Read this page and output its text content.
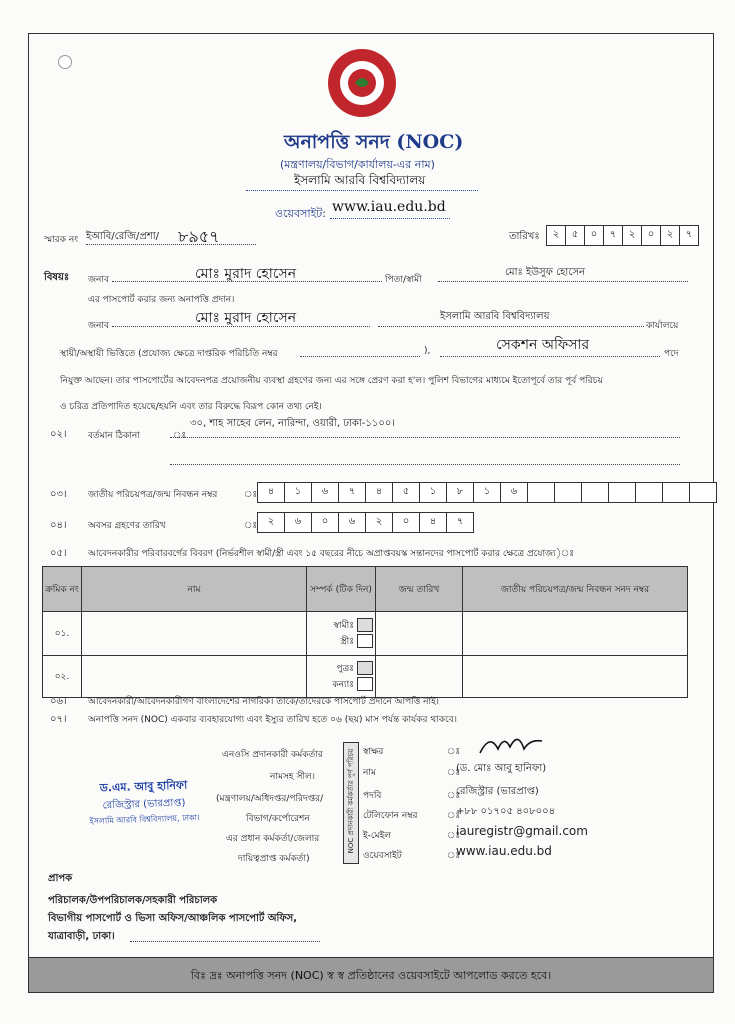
অনাপত্তি সনদ (NOC)
(মন্ত্রণালয়/বিভাগ/কার্যালয়-এর নাম)
ইসলামি আরবি বিশ্ববিদ্যালয়
ওয়েবসাইট: www.iau.edu.bd
স্মারক নং ইআবি/রেজি/প্রশা/ ৮৯৫৭	তারিখঃ	২	৫	০	৭	২	০	২	৭
বিষয়ঃ জনাব	মোঃ মুরাদ হোসেন	পিতা/স্বামী
মোঃ ইউসুফ হোসেন
এর পাসপোর্ট করার জন্য অনাপত্তি প্রদান।
জনাব	মোঃ মুরাদ হোসেন	ইসলামি আরবি বিশ্ববিদ্যালয়
কার্যালয়ে
স্থায়ী/অস্থায়ী ভিত্তিতে (প্রযোজ্য ক্ষেত্রে দাপ্তরিক পরিচিতি নম্বর	),	সেকশন অফিসার
পদে
নিযুক্ত আছেন। তার পাসপোর্টের আবেদনপত্র প্রয়োজনীয় ব্যবস্থা গ্রহণের জন্য এর সঙ্গে প্রেরণ করা হ'ল। পুলিশ বিভাগের মাধ্যমে ইতোপূর্বে তার পূর্ব পরিচয়
ও চরিত্র প্রতিপাদিত হয়েছে/হয়নি এবং তার বিরুদ্ধে বিরূপ কোন তথ্য নেই।
০২। বর্তমান ঠিকানা	ঃ
৩০, শাহ সাহেব লেন, নারিন্দা, ওয়ারী, ঢাকা-১১০০।
০৩। জাতীয় পরিচয়পত্র/জন্ম নিবন্ধন নম্বর	ঃ	৪	১	৬	৭	৪	৫	১	৮	১	৬
০৪। অবসর গ্রহণের তারিখ	ঃ	২	৬	০	৬	২	০	৪	৭
০৫। আবেদনকারীর পরিবারবর্গের বিবরণ (নির্ভরশীল স্বামী/স্ত্রী এবং ১৫ বছরের নীচে অপ্রাপ্তবয়স্ক সন্তানদের পাসপোর্ট করার ক্ষেত্রে প্রযোজ্য)ঃ
ক্রমিক নং	নাম	সম্পর্ক (টিক দিন)	জন্ম তারিখ	জাতীয় পরিচয়পত্র/জন্ম নিবন্ধন সনদ নম্বর
০১.		স্বামীঃ
স্ত্রীঃ		
০২.		পুত্রঃ
কন্যাঃ		
০৬। আবেদনকারী/আবেদনকারীগণ বাংলাদেশের নাগরিক। তাকে/তাদেরকে পাসপোর্ট প্রদানে আপত্তি নাই।
০৭। অনাপত্তি সনদ (NOC) একবার ব্যবহারযোগ্য এবং ইস্যুর তারিখ হতে ০৬ (ছয়) মাস পর্যন্ত কার্যকর থাকবে।
এনওসি প্রদানকারী কর্মকর্তার
নামসহ সীল।
(মন্ত্রণালয়/অধিদপ্তর/পরিদপ্তর/
বিভাগ/কর্পোরেশন
এর প্রধান কর্মকর্তা/জেলার
দায়িত্বপ্রাপ্ত কর্মকর্তা)
NOC প্রদানকারী কর্মকর্তার পূর্ণ পরিচয় স্বাক্ষর	ঃ
নাম	ঃ
(ড. মোঃ আবু হানিফা)
পদবি	ঃ
রেজিস্ট্রার (ভারপ্রাপ্ত)
টেলিফোন নম্বর	ঃ
+৮৮ ০১৭০৫ ৪০৮০০৪
ই-মেইল	ঃ
iauregistr@gmail.com
ওয়েবসাইট	ঃ
www.iau.edu.bd
ড.এম. আবু হানিফা
রেজিস্ট্রার (ভারপ্রাপ্ত)
ইসলামি আরবি বিশ্ববিদ্যালয়, ঢাকা।
প্রাপক
পরিচালক/উপপরিচালক/সহকারী পরিচালক
বিভাগীয় পাসপোর্ট ও ভিসা অফিস/আঞ্চলিক পাসপোর্ট অফিস,
যাত্রাবাড়ী, ঢাকা।
বিঃ দ্রঃ অনাপত্তি সনদ (NOC) স্ব স্ব প্রতিষ্ঠানের ওয়েবসাইটে আপলোড করতে হবে।
